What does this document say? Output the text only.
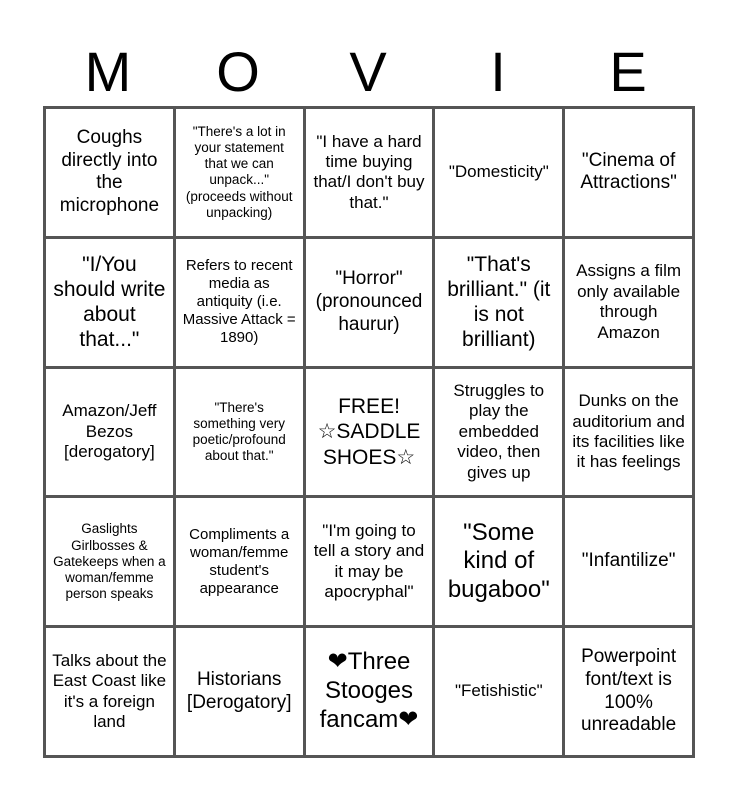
M	O	V	I	E
Coughs directly into the microphone
"There's a lot in your statement that we can unpack..." (proceeds without unpacking)
"I have a hard time buying that/I don't buy that."
"Domesticity"
"Cinema of Attractions"
"I/You should write about that..."
Refers to recent media as antiquity (i.e. Massive Attack = 1890)
"Horror" (pronounced haurur)
"That's brilliant." (it is not brilliant)
Assigns a film only available through Amazon
Amazon/Jeff Bezos [derogatory]
"There's something very poetic/profound about that."
FREE! ☆SADDLE SHOES☆
Struggles to play the embedded video, then gives up
Dunks on the auditorium and its facilities like it has feelings
Gaslights Girlbosses & Gatekeeps when a woman/femme person speaks
Compliments a woman/femme student's appearance
"I'm going to tell a story and it may be apocryphal"
"Some kind of bugaboo"
"Infantilize"
Talks about the East Coast like it's a foreign land
Historians [Derogatory]
❤Three Stooges fancam❤
"Fetishistic"
Powerpoint font/text is 100% unreadable
